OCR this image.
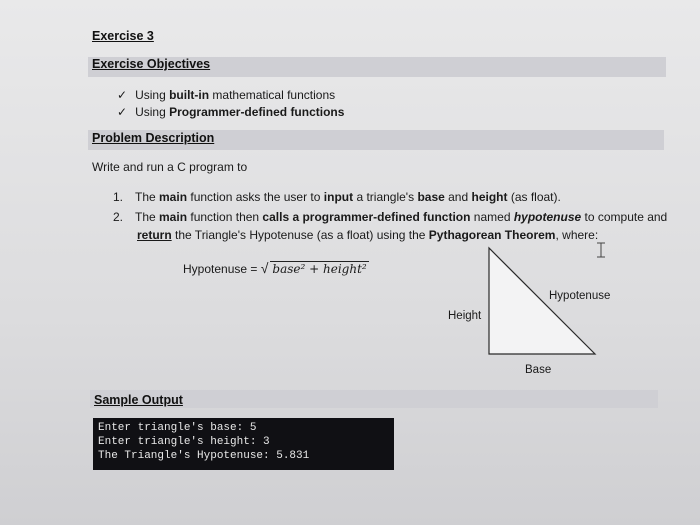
Exercise 3
Exercise Objectives
✓ Using built-in mathematical functions
✓ Using Programmer-defined functions
Problem Description
Write and run a C program to
1. The main function asks the user to input a triangle's base and height (as float).
2. The main function then calls a programmer-defined function named hypotenuse to compute and
return the Triangle's Hypotenuse (as a float) using the Pythagorean Theorem, where:
Hypotenuse = √ base² + height²
Height
Hypotenuse
Base
Sample Output
Enter triangle's base: 5
Enter triangle's height: 3
The Triangle's Hypotenuse: 5.831
